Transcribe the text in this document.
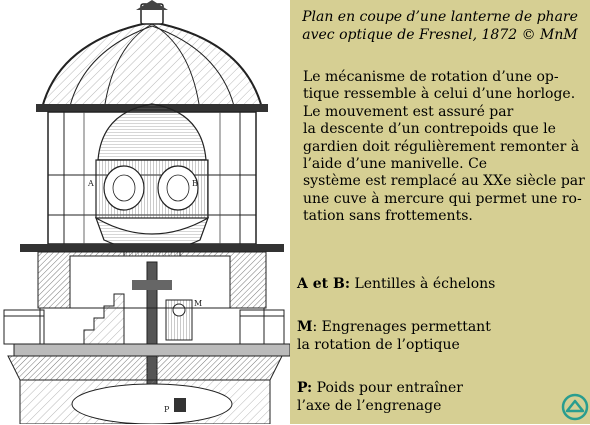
A	B
M
P

Plan en coupe d’une lanterne de phare avec optique de Fresnel, 1872 © MnM

Le mécanisme de rotation d’une op-
tique ressemble à celui d’une horloge.
Le mouvement est assuré par
la descente d’un contrepoids que le
gardien doit régulièrement remonter à
l’aide d’une manivelle. Ce
système est remplacé au XXe siècle par
une cuve à mercure qui permet une ro-
tation sans frottements.

A et B: Lentilles à échelons

M: Engrenages permettant
la rotation de l’optique
P: Poids pour entraîner
l’axe de l’engrenage
